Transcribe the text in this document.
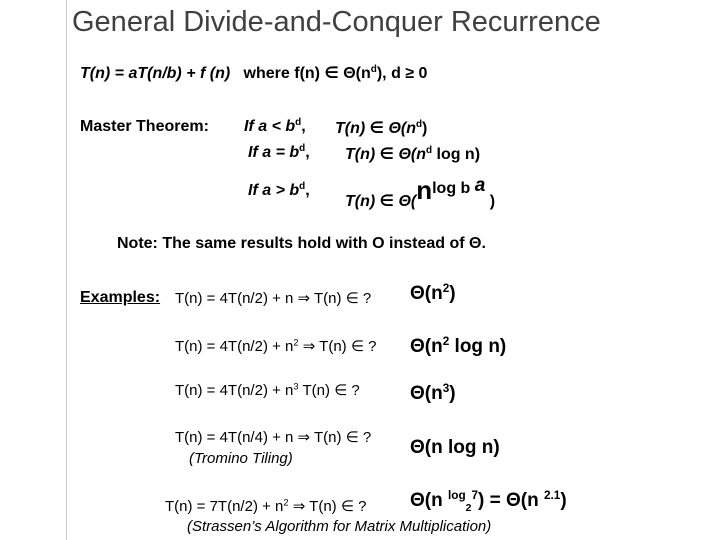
General Divide-and-Conquer Recurrence
T(n) = aT(n/b) + f (n) where f(n) ∈ $\Theta(n^d)$, d ≥ 0
Master Theorem: If $a < b^d$, T(n) ∈ $\Theta(n^d)$
If $a = b^d$, T(n) ∈ $\Theta(n^d$ log n)
If $a > b^d$,
T(n) ∈ Θ(nlog b a )
Note: The same results hold with O instead of Θ.
Examples: T(n) = 4T(n/2) + n ⇒ T(n) ∈ ? $\Theta(n^2)$
$T(n) = 4T(n/2) + n^2$ ⇒ T(n) ∈ ? $\Theta(n^2$ log n)
$T(n) = 4T(n/2) + n^3$ T(n) ∈ ?	$\Theta(n^3)$
T(n) = 4T(n/4) + n ⇒ T(n) ∈ ?
(Tromino Tiling)
Θ(n log n)
$T(n) = 7T(n/2) + n^2$ ⇒ T(n) ∈ ?
(Strassen’s Algorithm for Matrix Multiplication)
Θ(n $^{log}_2^7$) = Θ(n $^{2.1}$)
